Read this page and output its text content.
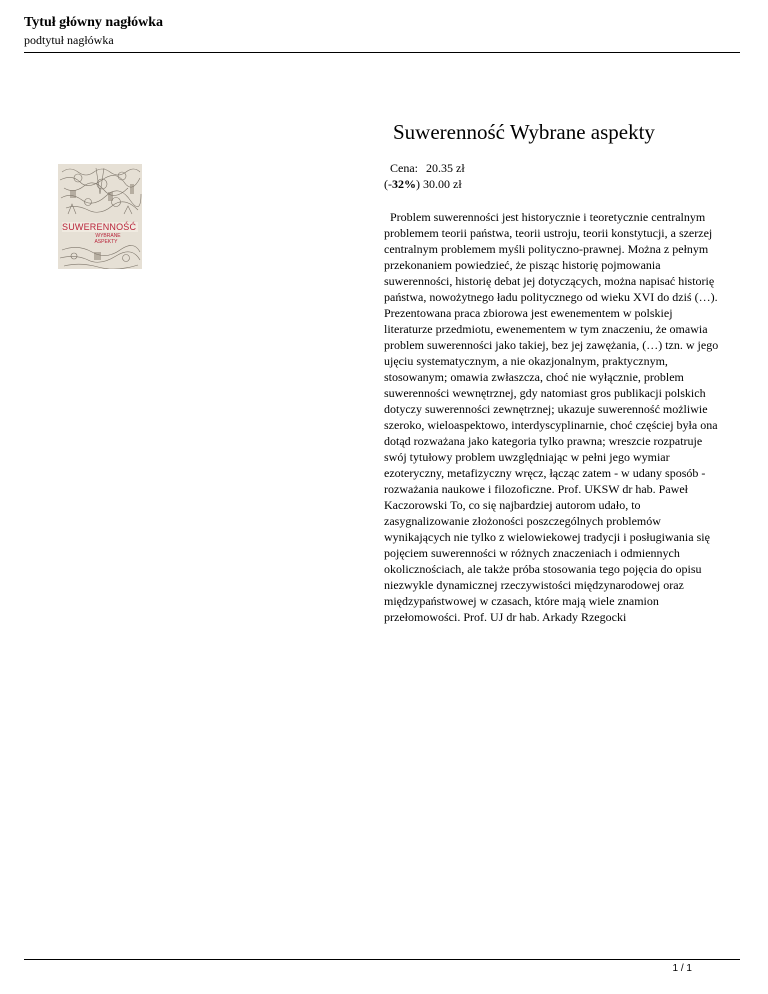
Tytuł główny nagłówka
podtytuł nagłówka
Suwerenność Wybrane aspekty
SUWERENNOŚĆ
WYBRANE
ASPEKTY
Cena: 20.35 zł
(-32%) 30.00 zł

Problem suwerenności jest historycznie i teoretycznie centralnym problemem teorii państwa, teorii ustroju, teorii konstytucji, a szerzej centralnym problemem myśli polityczno-prawnej. Można z pełnym przekonaniem powiedzieć, że pisząc historię pojmowania suwerenności, historię debat jej dotyczących, można napisać historię państwa, nowożytnego ładu politycznego od wieku XVI do dziś (…). Prezentowana praca zbiorowa jest ewenementem w polskiej literaturze przedmiotu, ewenementem w tym znaczeniu, że omawia problem suwerenności jako takiej, bez jej zawężania, (…) tzn. w jego ujęciu systematycznym, a nie okazjonalnym, praktycznym, stosowanym; omawia zwłaszcza, choć nie wyłącznie, problem suwerenności wewnętrznej, gdy natomiast gros publikacji polskich dotyczy suwerenności zewnętrznej; ukazuje suwerenność możliwie szeroko, wieloaspektowo, interdyscyplinarnie, choć częściej była ona dotąd rozważana jako kategoria tylko prawna; wreszcie rozpatruje swój tytułowy problem uwzględniając w pełni jego wymiar ezoteryczny, metafizyczny wręcz, łącząc zatem - w udany sposób - rozważania naukowe i filozoficzne. Prof. UKSW dr hab. Paweł Kaczorowski To, co się najbardziej autorom udało, to zasygnalizowanie złożoności poszczególnych problemów wynikających nie tylko z wielowiekowej tradycji i posługiwania się pojęciem suwerenności w różnych znaczeniach i odmiennych okolicznościach, ale także próba stosowania tego pojęcia do opisu niezwykle dynamicznej rzeczywistości międzynarodowej oraz międzypaństwowej w czasach, które mają wiele znamion przełomowości. Prof. UJ dr hab. Arkady Rzegocki

1 / 1
